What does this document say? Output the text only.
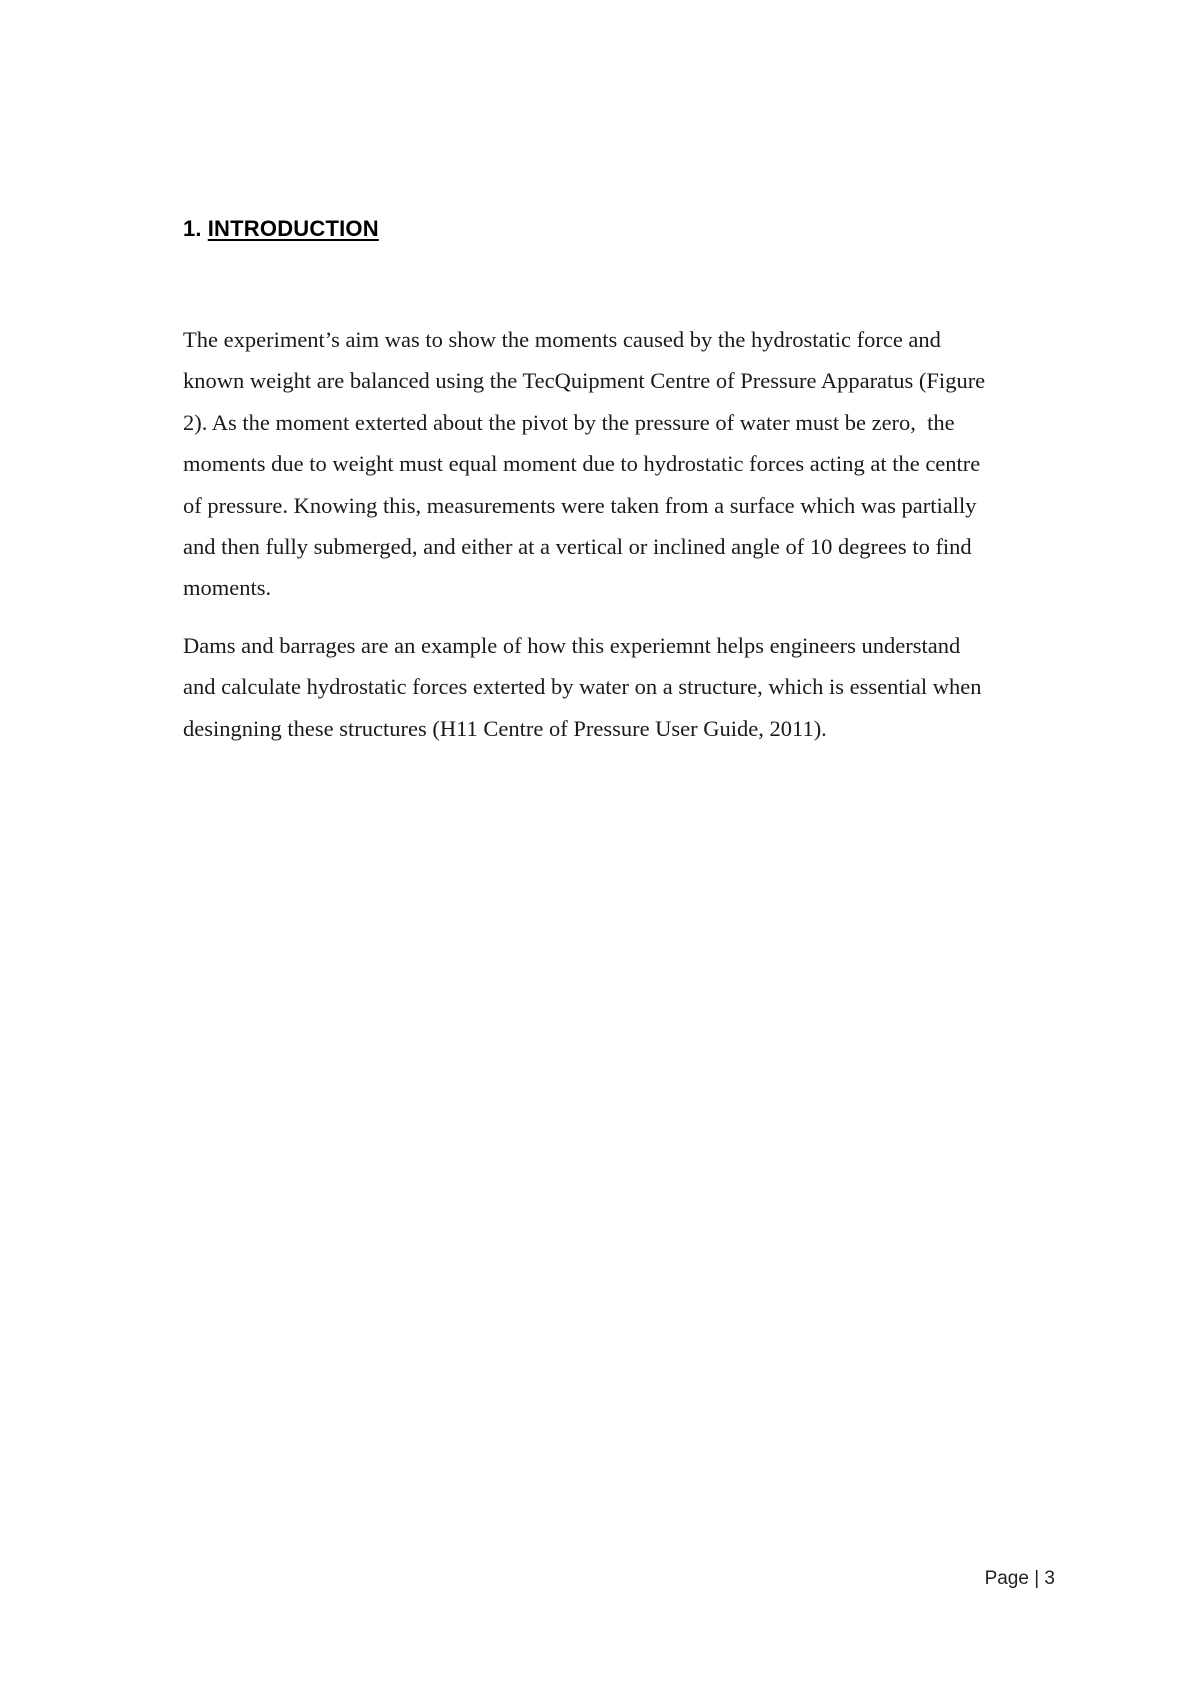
1. INTRODUCTION
The experiment’s aim was to show the moments caused by the hydrostatic force and
known weight are balanced using the TecQuipment Centre of Pressure Apparatus (Figure
2). As the moment exterted about the pivot by the pressure of water must be zero,  the
moments due to weight must equal moment due to hydrostatic forces acting at the centre
of pressure. Knowing this, measurements were taken from a surface which was partially
and then fully submerged, and either at a vertical or inclined angle of 10 degrees to find
moments.
Dams and barrages are an example of how this experiemnt helps engineers understand
and calculate hydrostatic forces exterted by water on a structure, which is essential when
desingning these structures (H11 Centre of Pressure User Guide, 2011).
Page | 3
